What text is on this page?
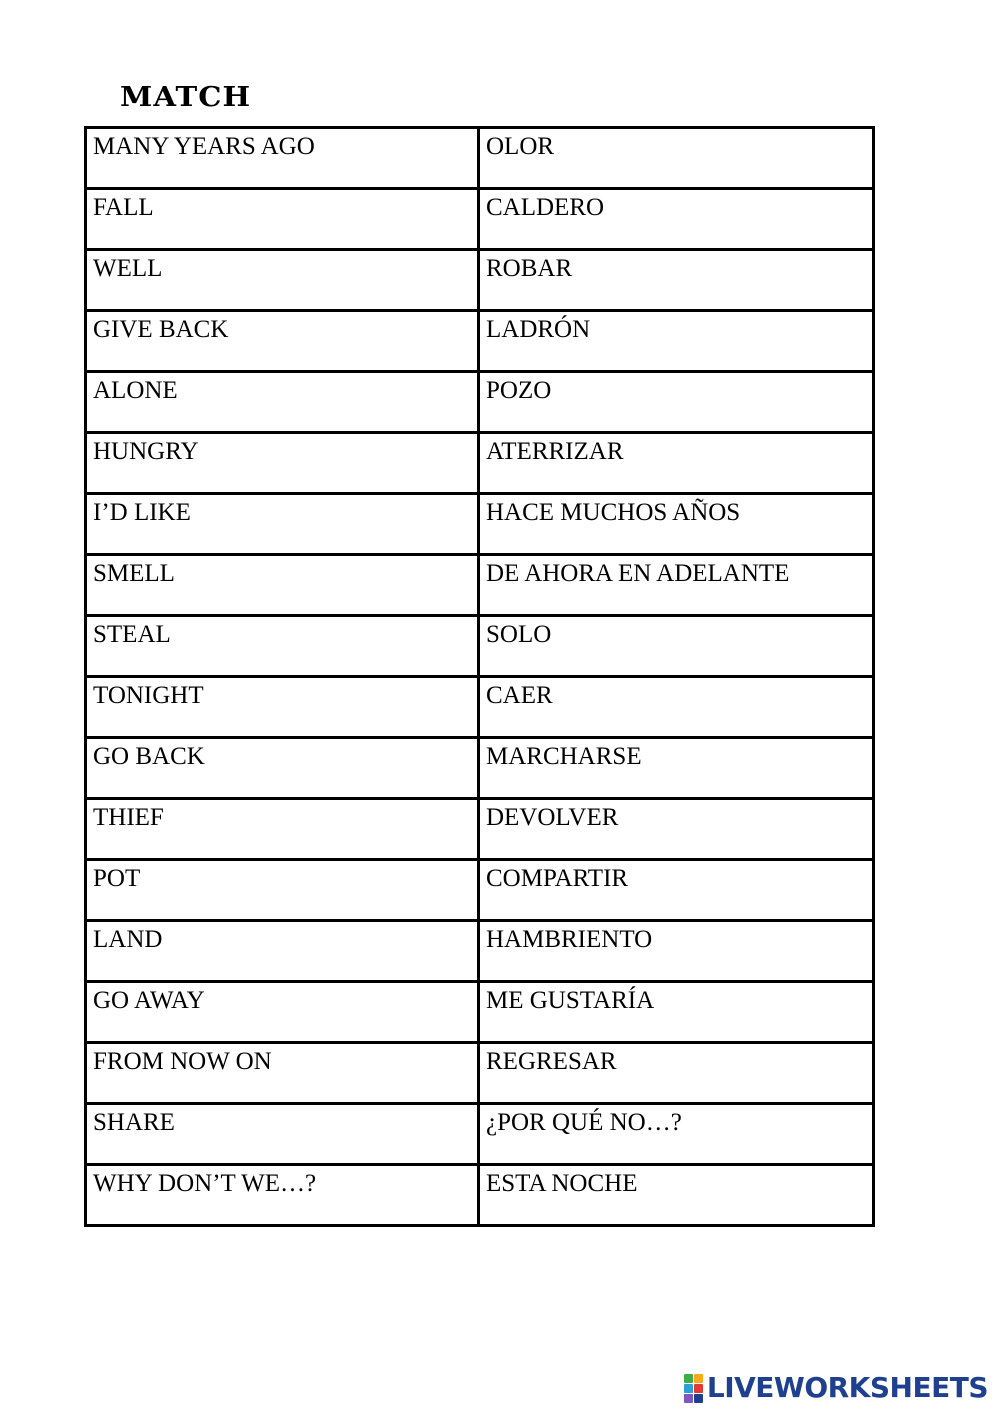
MATCH
MANY YEARS AGO	OLOR
FALL	CALDERO
WELL	ROBAR
GIVE BACK	LADRÓN
ALONE	POZO
HUNGRY	ATERRIZAR
I’D LIKE	HACE MUCHOS AÑOS
SMELL	DE AHORA EN ADELANTE
STEAL	SOLO
TONIGHT	CAER
GO BACK	MARCHARSE
THIEF	DEVOLVER
POT	COMPARTIR
LAND	HAMBRIENTO
GO AWAY	ME GUSTARÍA
FROM NOW ON	REGRESAR
SHARE	¿POR QUÉ NO…?
WHY DON’T WE…?	ESTA NOCHE
LIVEWORKSHEETS
